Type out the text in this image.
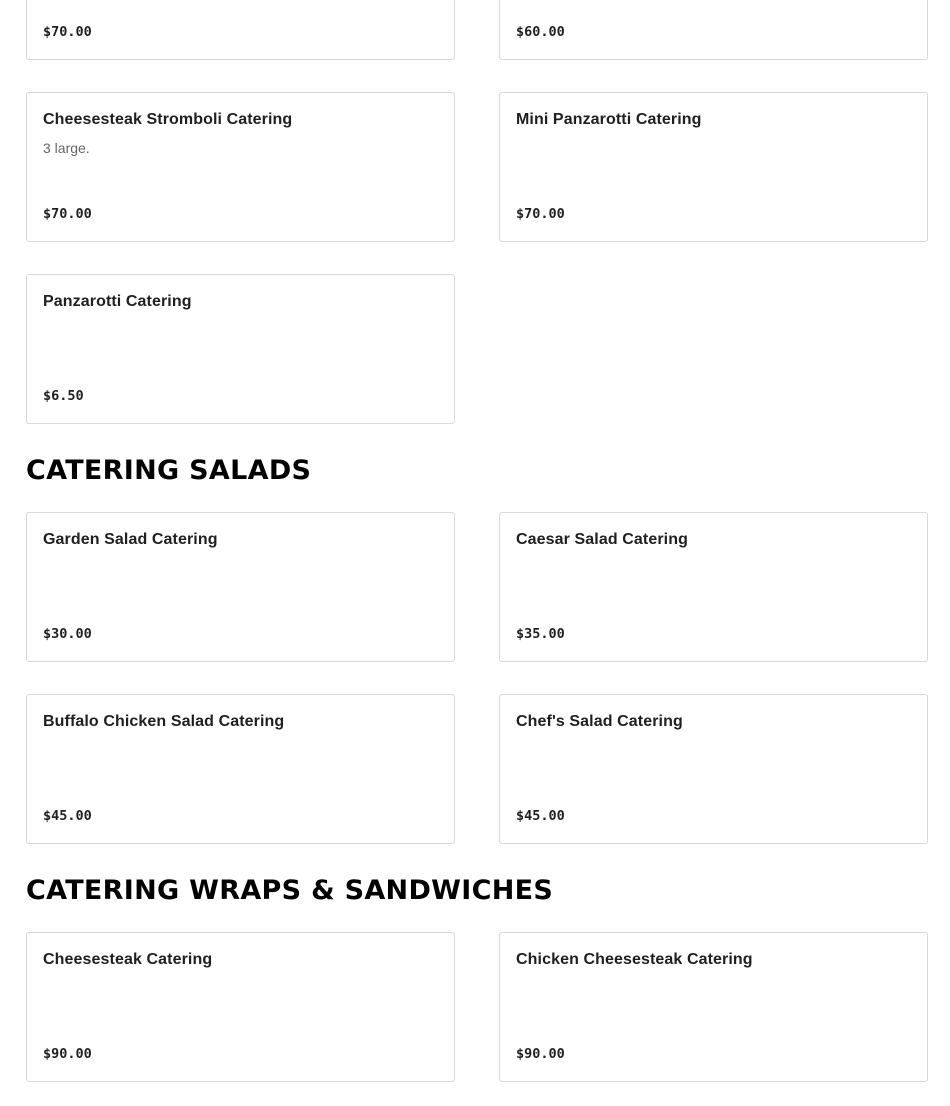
$70.00	$60.00
Cheesesteak Stromboli Catering
3 large.
$70.00
Mini Panzarotti Catering
$70.00
Panzarotti Catering
$6.50
CATERING SALADS
Garden Salad Catering
$30.00
Caesar Salad Catering
$35.00
Buffalo Chicken Salad Catering
$45.00
Chef's Salad Catering
$45.00
CATERING WRAPS & SANDWICHES
Cheesesteak Catering
$90.00
Chicken Cheesesteak Catering
$90.00
